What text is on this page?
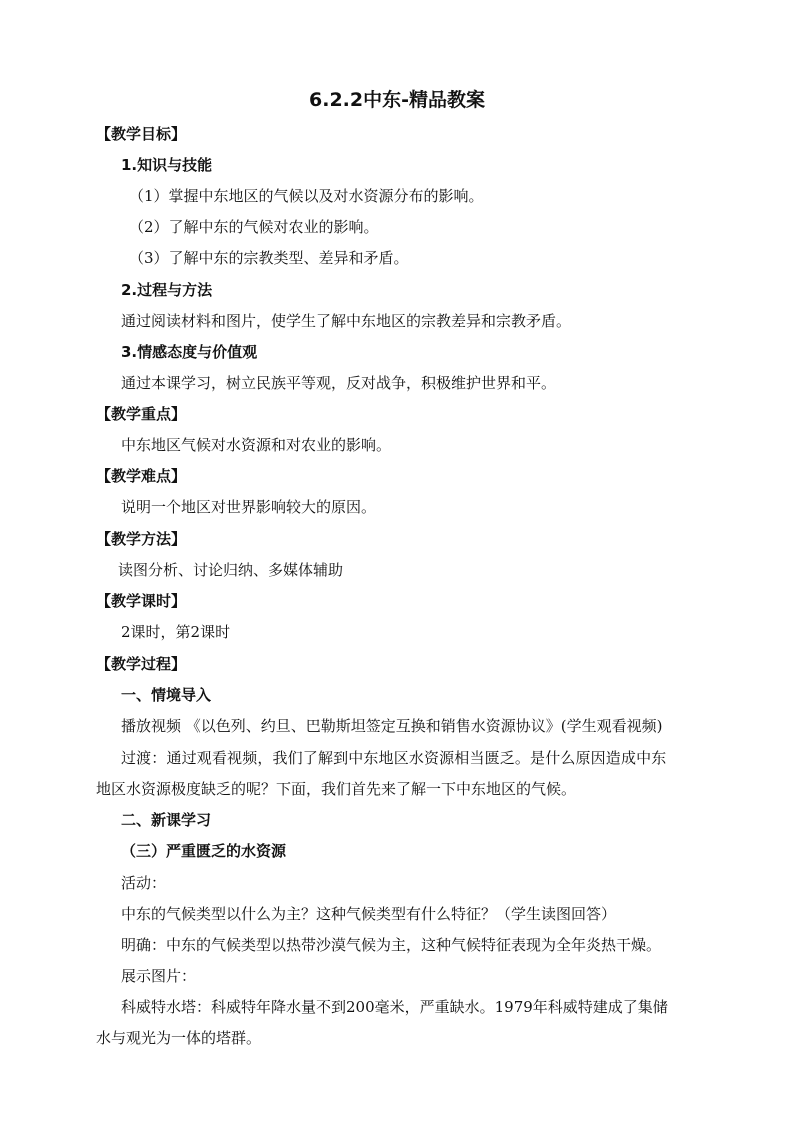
6.2.2中东-精品教案
【教学目标】
1.知识与技能
（1）掌握中东地区的气候以及对水资源分布的影响。
（2）了解中东的气候对农业的影响。
（3）了解中东的宗教类型、差异和矛盾。
2.过程与方法
通过阅读材料和图片，使学生了解中东地区的宗教差异和宗教矛盾。
3.情感态度与价值观
通过本课学习，树立民族平等观，反对战争，积极维护世界和平。
【教学重点】
中东地区气候对水资源和对农业的影响。
【教学难点】
说明一个地区对世界影响较大的原因。
【教学方法】
读图分析、讨论归纳、多媒体辅助
【教学课时】
2课时，第2课时
【教学过程】
一、情境导入
播放视频 《以色列、约旦、巴勒斯坦签定互换和销售水资源协议》(学生观看视频)
过渡：通过观看视频，我们了解到中东地区水资源相当匮乏。是什么原因造成中东
地区水资源极度缺乏的呢？下面，我们首先来了解一下中东地区的气候。
二、新课学习
（三）严重匮乏的水资源
活动：
中东的气候类型以什么为主？这种气候类型有什么特征？（学生读图回答）
明确：中东的气候类型以热带沙漠气候为主，这种气候特征表现为全年炎热干燥。
展示图片：
科威特水塔：科威特年降水量不到200毫米，严重缺水。1979年科威特建成了集储
水与观光为一体的塔群。
